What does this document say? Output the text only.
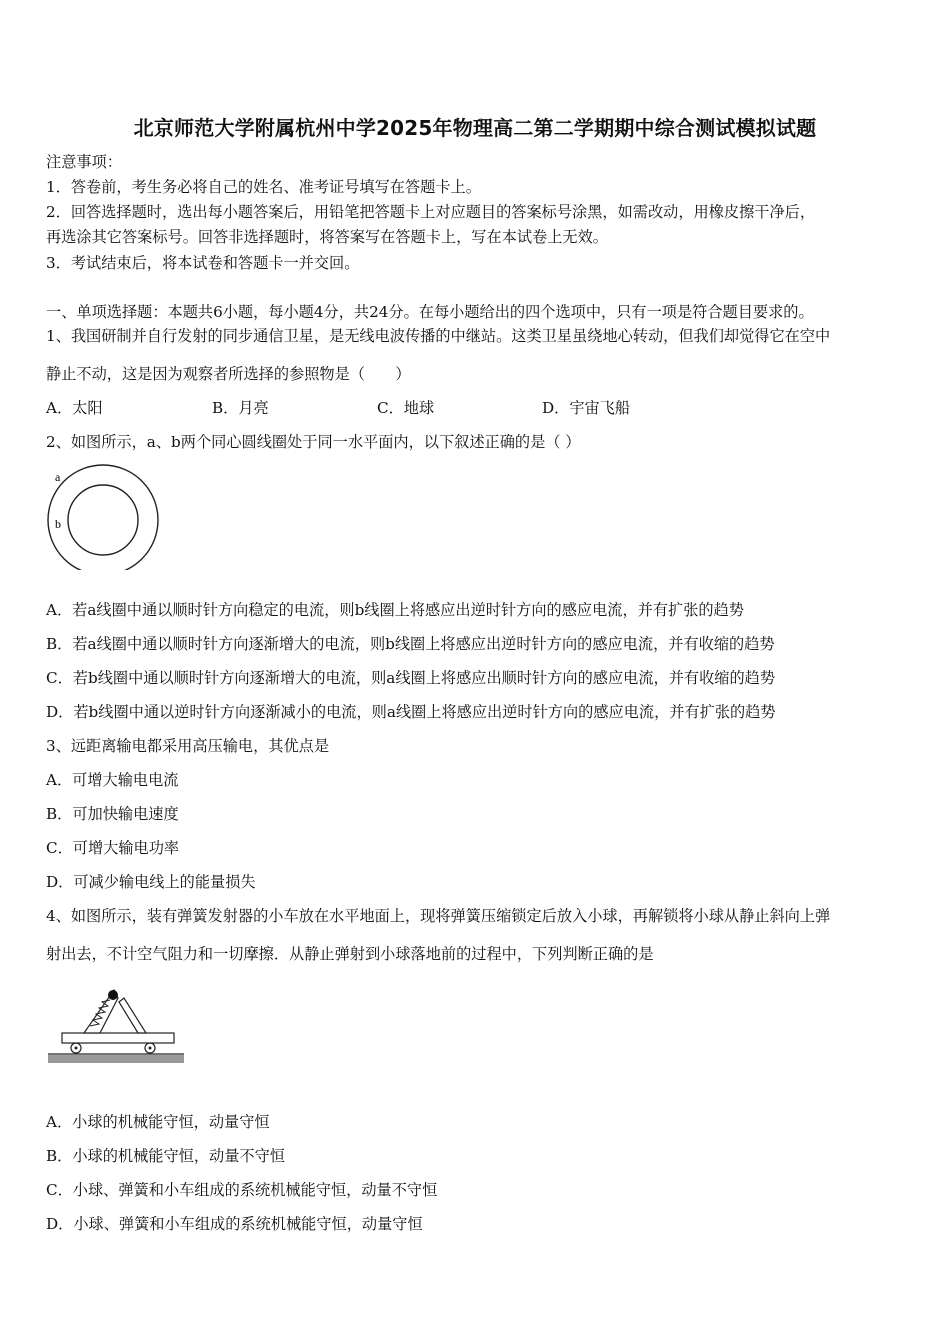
北京师范大学附属杭州中学2025年物理高二第二学期期中综合测试模拟试题
注意事项：
1．答卷前，考生务必将自己的姓名、准考证号填写在答题卡上。
2．回答选择题时，选出每小题答案后，用铅笔把答题卡上对应题目的答案标号涂黑，如需改动，用橡皮擦干净后，
再选涂其它答案标号。回答非选择题时，将答案写在答题卡上，写在本试卷上无效。
3．考试结束后，将本试卷和答题卡一并交回。
一、单项选择题：本题共6小题，每小题4分，共24分。在每小题给出的四个选项中，只有一项是符合题目要求的。
1、我国研制并自行发射的同步通信卫星，是无线电波传播的中继站。这类卫星虽绕地心转动，但我们却觉得它在空中
静止不动，这是因为观察者所选择的参照物是（　　）
A．太阳	B．月亮	C．地球	D．宇宙飞船
2、如图所示，a、b两个同心圆线圈处于同一水平面内，以下叙述正确的是（ ）
a
b
A．若a线圈中通以顺时针方向稳定的电流，则b线圈上将感应出逆时针方向的感应电流，并有扩张的趋势
B．若a线圈中通以顺时针方向逐渐增大的电流，则b线圈上将感应出逆时针方向的感应电流，并有收缩的趋势
C．若b线圈中通以顺时针方向逐渐增大的电流，则a线圈上将感应出顺时针方向的感应电流，并有收缩的趋势
D．若b线圈中通以逆时针方向逐渐减小的电流，则a线圈上将感应出逆时针方向的感应电流，并有扩张的趋势
3、远距离输电都采用高压输电，其优点是
A．可增大输电电流
B．可加快输电速度
C．可增大输电功率
D．可减少输电线上的能量损失
4、如图所示，装有弹簧发射器的小车放在水平地面上，现将弹簧压缩锁定后放入小球，再解锁将小球从静止斜向上弹
射出去，不计空气阻力和一切摩擦．从静止弹射到小球落地前的过程中，下列判断正确的是
A．小球的机械能守恒，动量守恒
B．小球的机械能守恒，动量不守恒
C．小球、弹簧和小车组成的系统机械能守恒，动量不守恒
D．小球、弹簧和小车组成的系统机械能守恒，动量守恒
